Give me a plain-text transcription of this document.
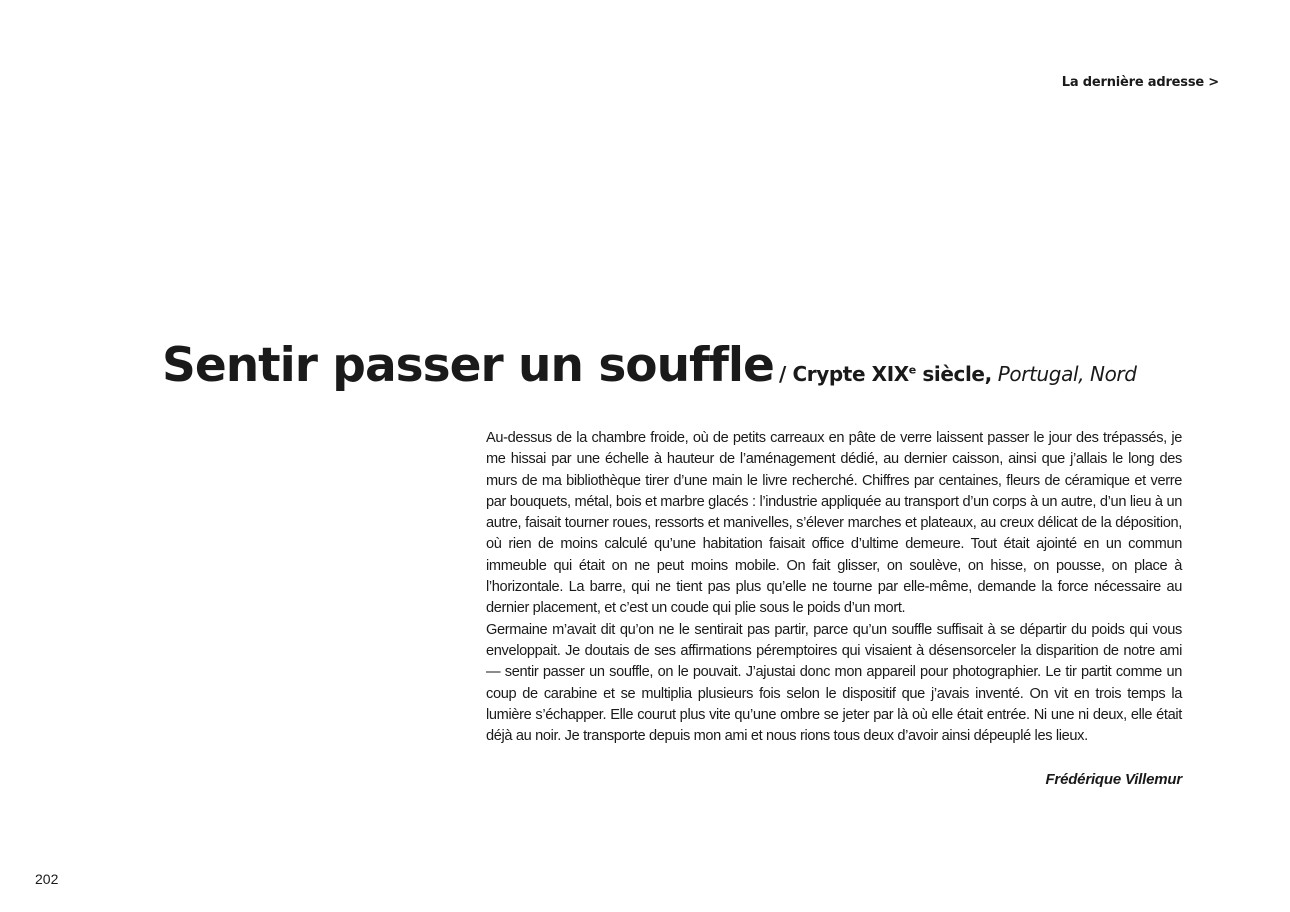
La dernière adresse >
Sentir passer un souffle / Crypte XIXe siècle, Portugal, Nord

Au-dessus de la chambre froide, où de petits carreaux en pâte de verre laissent passer le jour des trépassés, je me hissai par une échelle à hauteur de l’aménagement dédié, au dernier caisson, ainsi que j’allais le long des murs de ma bibliothèque tirer d’une main le livre recherché. Chiffres par centaines, fleurs de céramique et verre par bouquets, métal, bois et marbre glacés : l’industrie appliquée au transport d’un corps à un autre, d’un lieu à un autre, faisait tourner roues, ressorts et manivelles, s’élever marches et plateaux, au creux délicat de la déposition, où rien de moins calculé qu’une habitation faisait office d’ultime demeure. Tout était ajointé en un commun immeuble qui était on ne peut moins mobile. On fait glisser, on soulève, on hisse, on pousse, on place à l’horizontale. La barre, qui ne tient pas plus qu’elle ne tourne par elle-même, demande la force nécessaire au dernier placement, et c’est un coude qui plie sous le poids d’un mort.

Germaine m’avait dit qu’on ne le sentirait pas partir, parce qu’un souffle suffisait à se départir du poids qui vous enveloppait. Je doutais de ses affirmations péremptoires qui visaient à désensorceler la disparition de notre ami — sentir passer un souffle, on le pouvait. J’ajustai donc mon appareil pour photographier. Le tir partit comme un coup de carabine et se multiplia plusieurs fois selon le dispositif que j’avais inventé. On vit en trois temps la lumière s’échapper. Elle courut plus vite qu’une ombre se jeter par là où elle était entrée. Ni une ni deux, elle était déjà au noir. Je transporte depuis mon ami et nous rions tous deux d’avoir ainsi dépeuplé les lieux.

Frédérique Villemur
202
